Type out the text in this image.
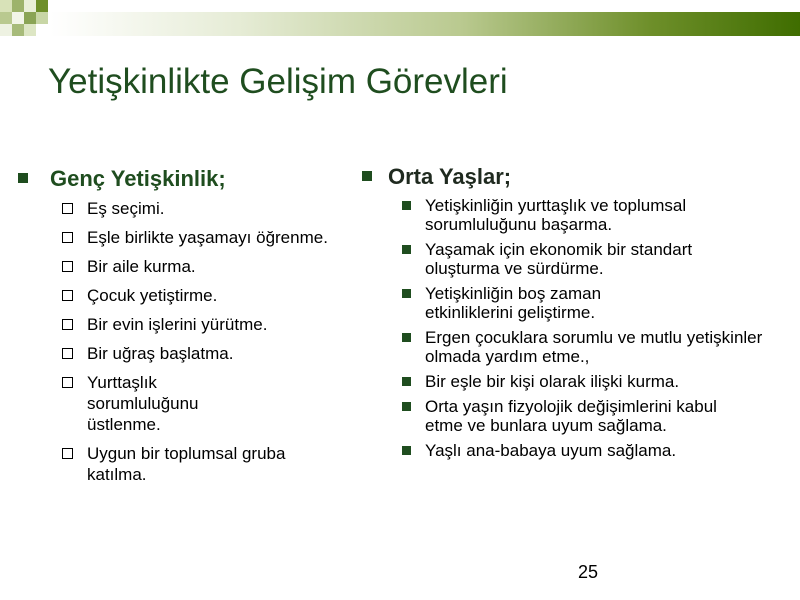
Yetişkinlikte Gelişim Görevleri
Genç Yetişkinlik;
Eş seçimi.
Eşle birlikte yaşamayı öğrenme.
Bir aile kurma.
Çocuk yetiştirme.
Bir evin işlerini yürütme.
Bir uğraş başlatma.
Yurttaşlık sorumluluğunu üstlenme.
Uygun bir toplumsal gruba katılma.
Orta Yaşlar;
Yetişkinliğin yurttaşlık ve toplumsal sorumluluğunu başarma.
Yaşamak için ekonomik bir standart oluşturma ve sürdürme.
Yetişkinliğin boş zaman etkinliklerini geliştirme.
Ergen çocuklara sorumlu ve mutlu yetişkinler olmada yardım etme.,
Bir eşle bir kişi olarak ilişki kurma.
Orta yaşın fizyolojik değişimlerini kabul etme ve bunlara uyum sağlama.
Yaşlı ana-babaya uyum sağlama.
25
